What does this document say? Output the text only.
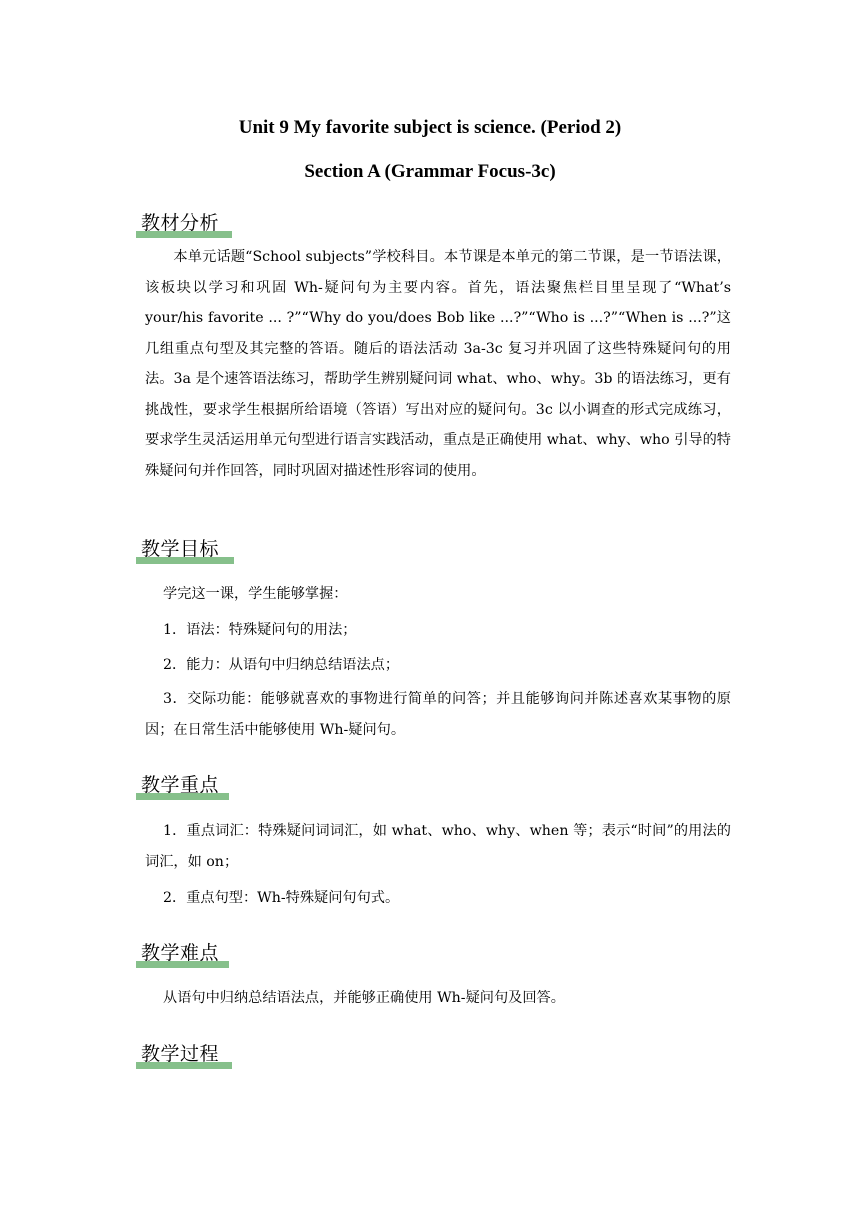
Unit 9 My favorite subject is science. (Period 2)
Section A (Grammar Focus-3c)
教材分析
本单元话题“School subjects”学校科目。本节课是本单元的第二节课，是一节语法课，该板块以学习和巩固 Wh-疑问句为主要内容。首先，语法聚焦栏目里呈现了“What’s your/his favorite ... ?”“Why do you/does Bob like ...?”“Who is ...?”“When is ...?”这几组重点句型及其完整的答语。随后的语法活动 3a-3c 复习并巩固了这些特殊疑问句的用法。3a 是个速答语法练习，帮助学生辨别疑问词 what、who、why。3b 的语法练习，更有挑战性，要求学生根据所给语境（答语）写出对应的疑问句。3c 以小调查的形式完成练习，要求学生灵活运用单元句型进行语言实践活动，重点是正确使用 what、why、who 引导的特殊疑问句并作回答，同时巩固对描述性形容词的使用。
教学目标
学完这一课，学生能够掌握：
1．语法：特殊疑问句的用法；
2．能力：从语句中归纳总结语法点；
3．交际功能：能够就喜欢的事物进行简单的问答；并且能够询问并陈述喜欢某事物的原因；在日常生活中能够使用 Wh-疑问句。
教学重点
1．重点词汇：特殊疑问词词汇，如 what、who、why、when 等；表示“时间”的用法的词汇，如 on；
2．重点句型：Wh-特殊疑问句句式。
教学难点
从语句中归纳总结语法点，并能够正确使用 Wh-疑问句及回答。
教学过程
